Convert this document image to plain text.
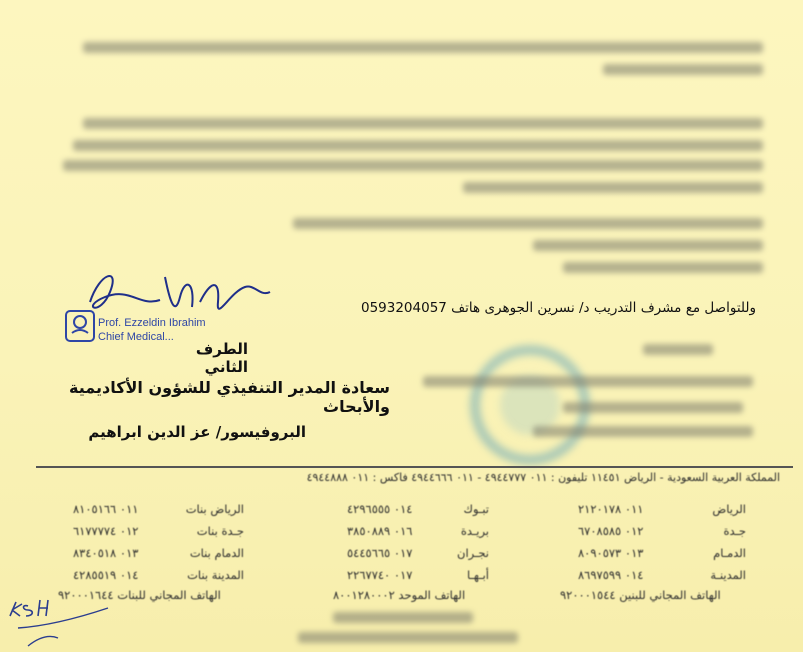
Prof. Ezzeldin Ibrahim
Chief Medical...
وللتواصل مع مشرف التدريب د/ نسرين الجوهرى هاتف 0593204057
الطرف الثاني
سعادة المدير التنفيذي للشؤون الأكاديمية والأبحاث
البروفيسور/ عز الدين ابراهيم
المملكة العربية السعودية - الرياض ١١٤٥١ تليفون : ٠١١ ٤٩٤٤٧٧٧ - ٠١١ ٤٩٤٤٦٦٦ فاكس : ٠١١ ٤٩٤٤٨٨٨
الرياض
٠١١ ٢١٢٠١٧٨
جـدة
٠١٢ ٦٧٠٨٥٨٥
الدمـام
٠١٣ ٨٠٩٠٥٧٣
المدينـة
٠١٤ ٨٦٩٧٥٩٩
تبـوك
٠١٤ ٤٢٩٦٥٥٥
بريـدة
٠١٦ ٣٨٥٠٨٨٩
نجـران
٠١٧ ٥٤٤٥٦٦٥
أبـهـا
٠١٧ ٢٢٦٧٧٤٠
الرياض بنات
٠١١ ٨١٠٥١٦٦
جـدة بنات
٠١٢ ٦١٧٧٧٧٤
الدمام بنات
٠١٣ ٨٣٤٠٥١٨
المدينة بنات
٠١٤ ٤٢٨٥٥١٩
الهاتف المجاني للبنين ٩٢٠٠٠١٥٤٤
الهاتف الموحد ٨٠٠١٢٨٠٠٠٢
الهاتف المجاني للبنات ٩٢٠٠٠١٦٤٤
